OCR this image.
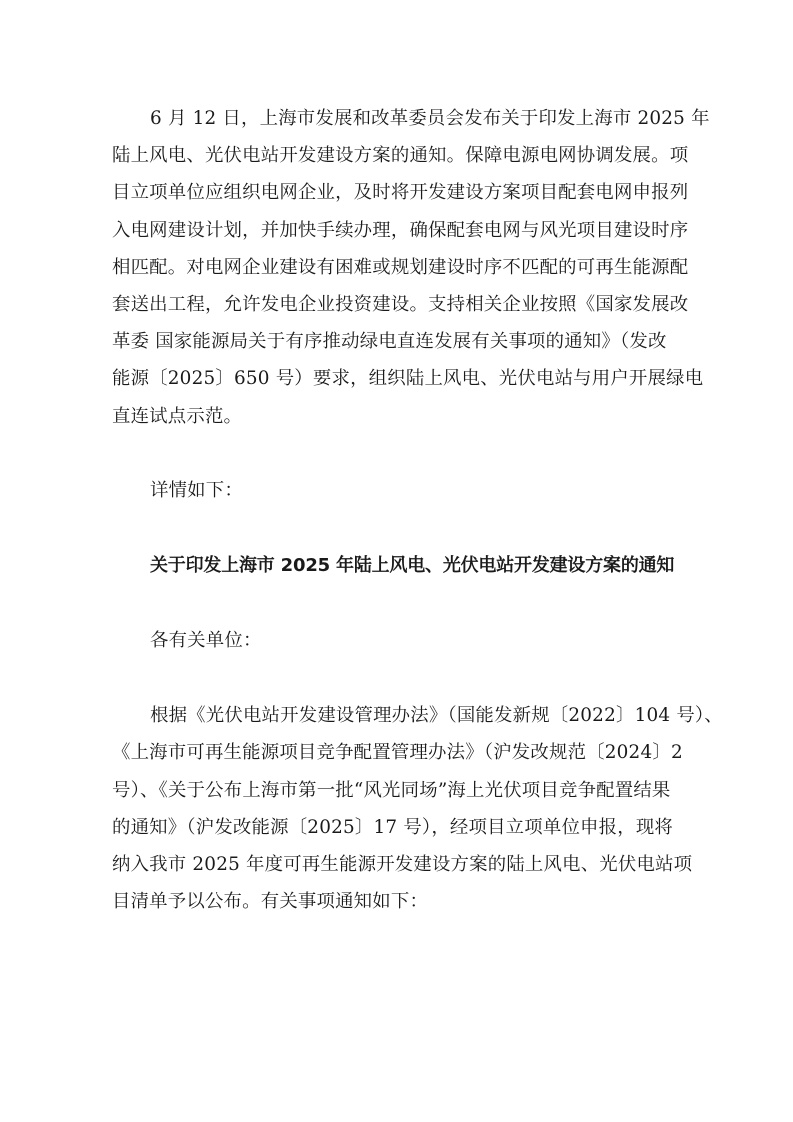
6 月 12 日，上海市发展和改革委员会发布关于印发上海市 2025 年
陆上风电、光伏电站开发建设方案的通知。保障电源电网协调发展。项
目立项单位应组织电网企业，及时将开发建设方案项目配套电网申报列
入电网建设计划，并加快手续办理，确保配套电网与风光项目建设时序
相匹配。对电网企业建设有困难或规划建设时序不匹配的可再生能源配
套送出工程，允许发电企业投资建设。支持相关企业按照《国家发展改
革委 国家能源局关于有序推动绿电直连发展有关事项的通知》（发改
能源〔2025〕650 号）要求，组织陆上风电、光伏电站与用户开展绿电
直连试点示范。
详情如下：
关于印发上海市 2025 年陆上风电、光伏电站开发建设方案的通知
各有关单位：
根据《光伏电站开发建设管理办法》（国能发新规〔2022〕104 号）、
《上海市可再生能源项目竞争配置管理办法》（沪发改规范〔2024〕2
号）、《关于公布上海市第一批“风光同场”海上光伏项目竞争配置结果
的通知》（沪发改能源〔2025〕17 号），经项目立项单位申报，现将
纳入我市 2025 年度可再生能源开发建设方案的陆上风电、光伏电站项
目清单予以公布。有关事项通知如下：
